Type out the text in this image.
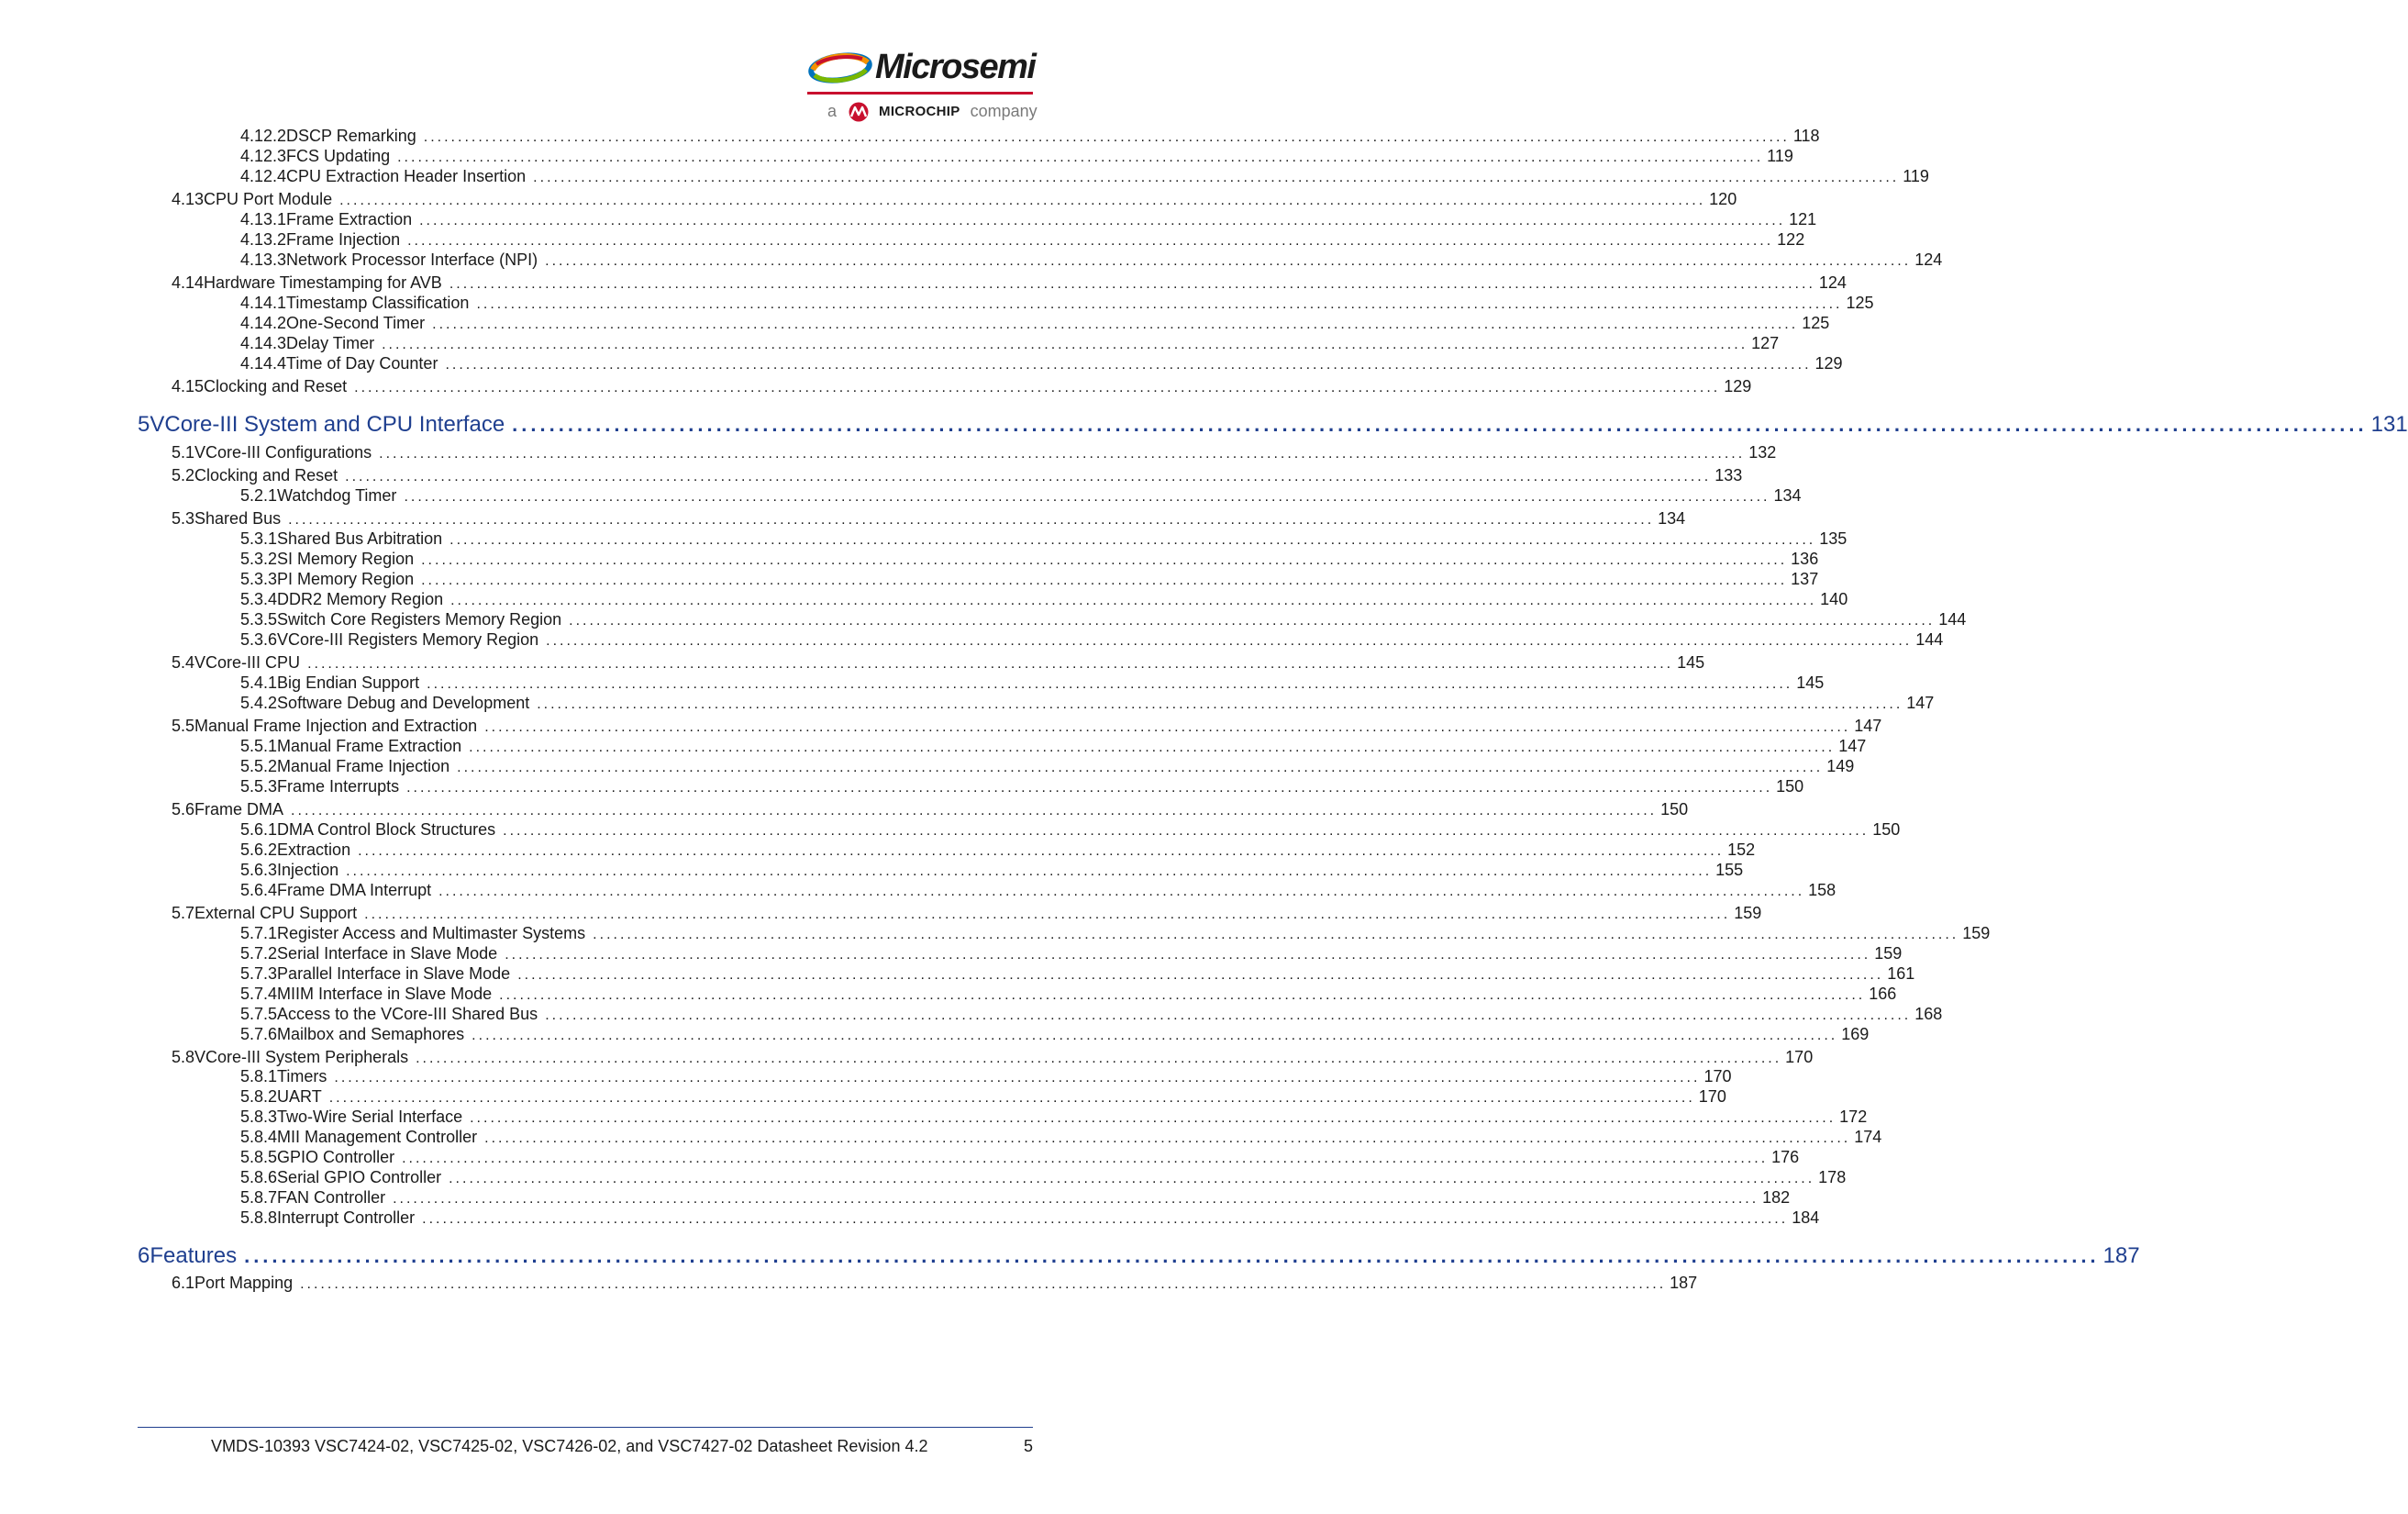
Microsemi
a	MICROCHIP company
4.12.2 DSCP Remarking ........................................................................................................................................................................................................ 118
4.12.3 FCS Updating ........................................................................................................................................................................................................ 119
4.12.4 CPU Extraction Header Insertion ........................................................................................................................................................................................................ 119
4.13 CPU Port Module ........................................................................................................................................................................................................ 120
4.13.1 Frame Extraction ........................................................................................................................................................................................................ 121
4.13.2 Frame Injection ........................................................................................................................................................................................................ 122
4.13.3 Network Processor Interface (NPI) ........................................................................................................................................................................................................ 124
4.14 Hardware Timestamping for AVB ........................................................................................................................................................................................................ 124
4.14.1 Timestamp Classification ........................................................................................................................................................................................................ 125
4.14.2 One-Second Timer ........................................................................................................................................................................................................ 125
4.14.3 Delay Timer ........................................................................................................................................................................................................ 127
4.14.4 Time of Day Counter ........................................................................................................................................................................................................ 129
4.15 Clocking and Reset ........................................................................................................................................................................................................ 129
5 VCore-III System and CPU Interface ........................................................................................................................................................................................................ 131
5.1 VCore-III Configurations ........................................................................................................................................................................................................ 132
5.2 Clocking and Reset ........................................................................................................................................................................................................ 133
5.2.1 Watchdog Timer ........................................................................................................................................................................................................ 134
5.3 Shared Bus ........................................................................................................................................................................................................ 134
5.3.1 Shared Bus Arbitration ........................................................................................................................................................................................................ 135
5.3.2 SI Memory Region ........................................................................................................................................................................................................ 136
5.3.3 PI Memory Region ........................................................................................................................................................................................................ 137
5.3.4 DDR2 Memory Region ........................................................................................................................................................................................................ 140
5.3.5 Switch Core Registers Memory Region ........................................................................................................................................................................................................ 144
5.3.6 VCore-III Registers Memory Region ........................................................................................................................................................................................................ 144
5.4 VCore-III CPU ........................................................................................................................................................................................................ 145
5.4.1 Big Endian Support ........................................................................................................................................................................................................ 145
5.4.2 Software Debug and Development ........................................................................................................................................................................................................ 147
5.5 Manual Frame Injection and Extraction ........................................................................................................................................................................................................ 147
5.5.1 Manual Frame Extraction ........................................................................................................................................................................................................ 147
5.5.2 Manual Frame Injection ........................................................................................................................................................................................................ 149
5.5.3 Frame Interrupts ........................................................................................................................................................................................................ 150
5.6 Frame DMA ........................................................................................................................................................................................................ 150
5.6.1 DMA Control Block Structures ........................................................................................................................................................................................................ 150
5.6.2 Extraction ........................................................................................................................................................................................................ 152
5.6.3 Injection ........................................................................................................................................................................................................ 155
5.6.4 Frame DMA Interrupt ........................................................................................................................................................................................................ 158
5.7 External CPU Support ........................................................................................................................................................................................................ 159
5.7.1 Register Access and Multimaster Systems ........................................................................................................................................................................................................ 159
5.7.2 Serial Interface in Slave Mode ........................................................................................................................................................................................................ 159
5.7.3 Parallel Interface in Slave Mode ........................................................................................................................................................................................................ 161
5.7.4 MIIM Interface in Slave Mode ........................................................................................................................................................................................................ 166
5.7.5 Access to the VCore-III Shared Bus ........................................................................................................................................................................................................ 168
5.7.6 Mailbox and Semaphores ........................................................................................................................................................................................................ 169
5.8 VCore-III System Peripherals ........................................................................................................................................................................................................ 170
5.8.1 Timers ........................................................................................................................................................................................................ 170
5.8.2 UART ........................................................................................................................................................................................................ 170
5.8.3 Two-Wire Serial Interface ........................................................................................................................................................................................................ 172
5.8.4 MII Management Controller ........................................................................................................................................................................................................ 174
5.8.5 GPIO Controller ........................................................................................................................................................................................................ 176
5.8.6 Serial GPIO Controller ........................................................................................................................................................................................................ 178
5.8.7 FAN Controller ........................................................................................................................................................................................................ 182
5.8.8 Interrupt Controller ........................................................................................................................................................................................................ 184
6 Features ........................................................................................................................................................................................................ 187
6.1 Port Mapping ........................................................................................................................................................................................................ 187
VMDS-10393 VSC7424-02, VSC7425-02, VSC7426-02, and VSC7427-02 Datasheet Revision 4.2	5
